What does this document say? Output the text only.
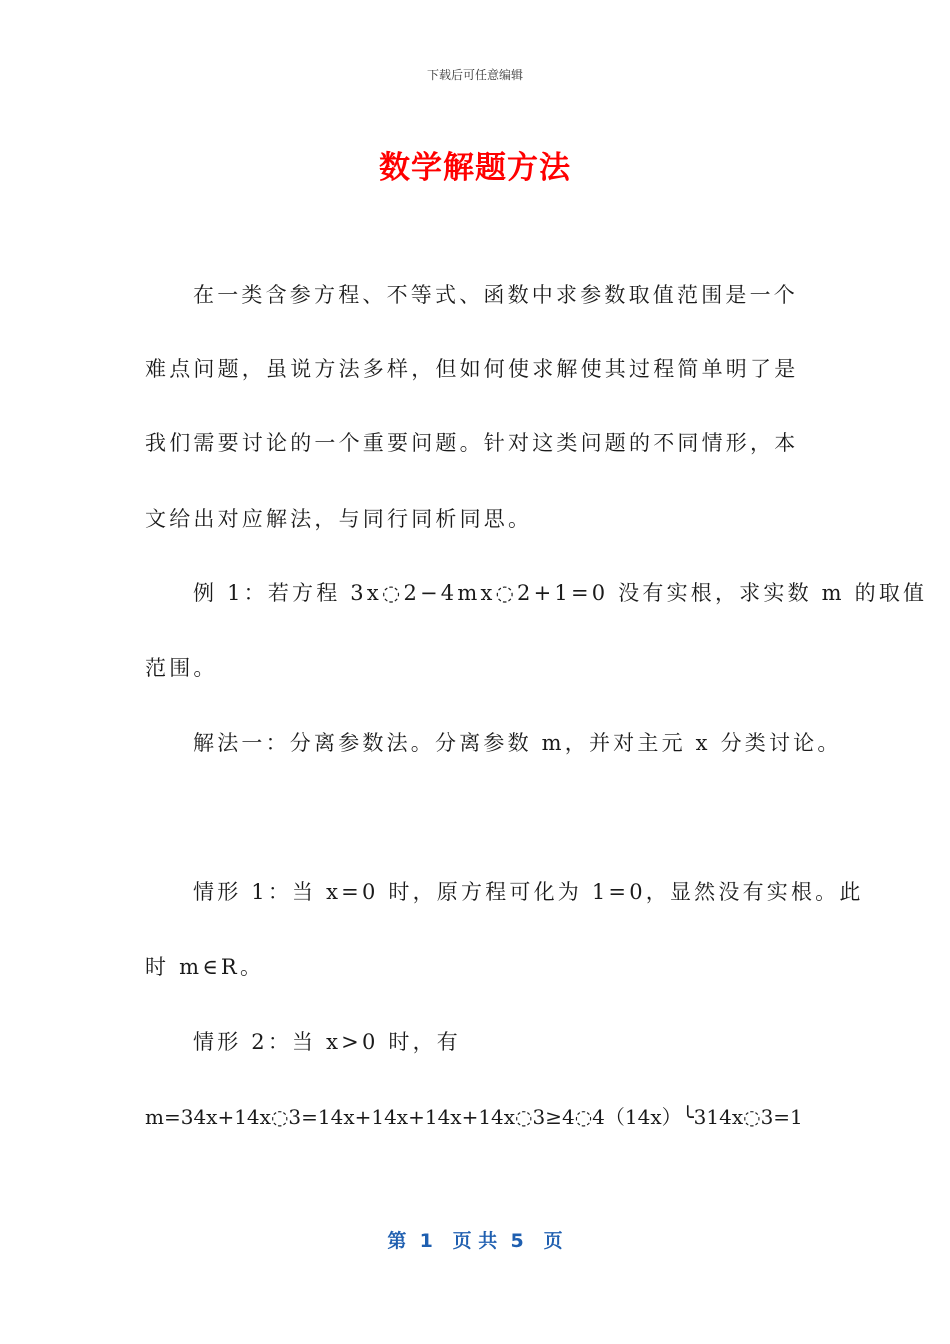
下载后可任意编辑
数学解题方法
在一类含参方程、不等式、函数中求参数取值范围是一个
难点问题，虽说方法多样，但如何使求解使其过程简单明了是
我们需要讨论的一个重要问题。针对这类问题的不同情形，本
文给出对应解法，与同行同析同思。
例 1：若方程 3x◌2−4mx◌2+1=0 没有实根，求实数 m 的取值
范围。
解法一：分离参数法。分离参数 m，并对主元 x 分类讨论。
情形 1：当 x=0 时，原方程可化为 1=0，显然没有实根。此
时 m∈R。
情形 2：当 x>0 时，有
m=34x+14x◌3=14x+14x+14x+14x◌3≥4◌4（14x）╰314x◌3=1
第  1   页 共  5   页
